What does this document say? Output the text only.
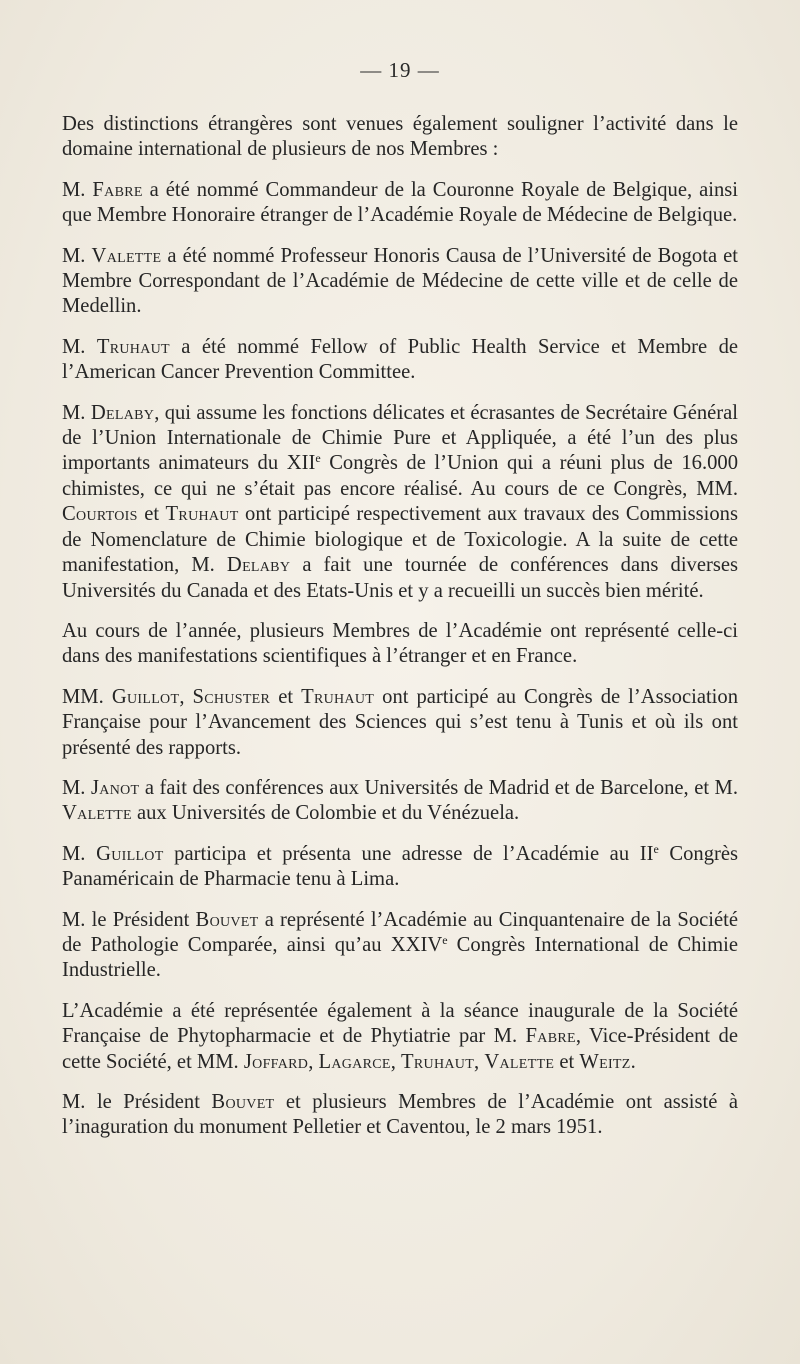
— 19 —

Des distinctions étrangères sont venues également souligner l’activité dans le domaine international de plusieurs de nos Membres :

M. Fabre a été nommé Commandeur de la Couronne Royale de Belgique, ainsi que Membre Honoraire étranger de l’Académie Royale de Médecine de Belgique.

M. Valette a été nommé Professeur Honoris Causa de l’Université de Bogota et Membre Correspondant de l’Académie de Médecine de cette ville et de celle de Medellin.

M. Truhaut a été nommé Fellow of Public Health Service et Membre de l’American Cancer Prevention Committee.

M. Delaby, qui assume les fonctions délicates et écrasantes de Secrétaire Général de l’Union Internationale de Chimie Pure et Appliquée, a été l’un des plus importants animateurs du XIIe Congrès de l’Union qui a réuni plus de 16.000 chimistes, ce qui ne s’était pas encore réalisé. Au cours de ce Congrès, MM. Courtois et Truhaut ont participé respectivement aux travaux des Commissions de Nomenclature de Chimie biologique et de Toxicologie. A la suite de cette manifestation, M. Delaby a fait une tournée de conférences dans diverses Universités du Canada et des Etats-Unis et y a recueilli un succès bien mérité.

Au cours de l’année, plusieurs Membres de l’Académie ont représenté celle-ci dans des manifestations scientifiques à l’étranger et en France.

MM. Guillot, Schuster et Truhaut ont participé au Congrès de l’Association Française pour l’Avancement des Sciences qui s’est tenu à Tunis et où ils ont présenté des rapports.

M. Janot a fait des conférences aux Universités de Madrid et de Barcelone, et M. Valette aux Universités de Colombie et du Vénézuela.

M. Guillot participa et présenta une adresse de l’Académie au IIe Congrès Panaméricain de Pharmacie tenu à Lima.

M. le Président Bouvet a représenté l’Académie au Cinquantenaire de la Société de Pathologie Comparée, ainsi qu’au XXIVe Congrès International de Chimie Industrielle.

L’Académie a été représentée également à la séance inaugurale de la Société Française de Phytopharmacie et de Phytiatrie par M. Fabre, Vice-Président de cette Société, et MM. Joffard, Lagarce, Truhaut, Valette et Weitz.

M. le Président Bouvet et plusieurs Membres de l’Académie ont assisté à l’inaguration du monument Pelletier et Caventou, le 2 mars 1951.
